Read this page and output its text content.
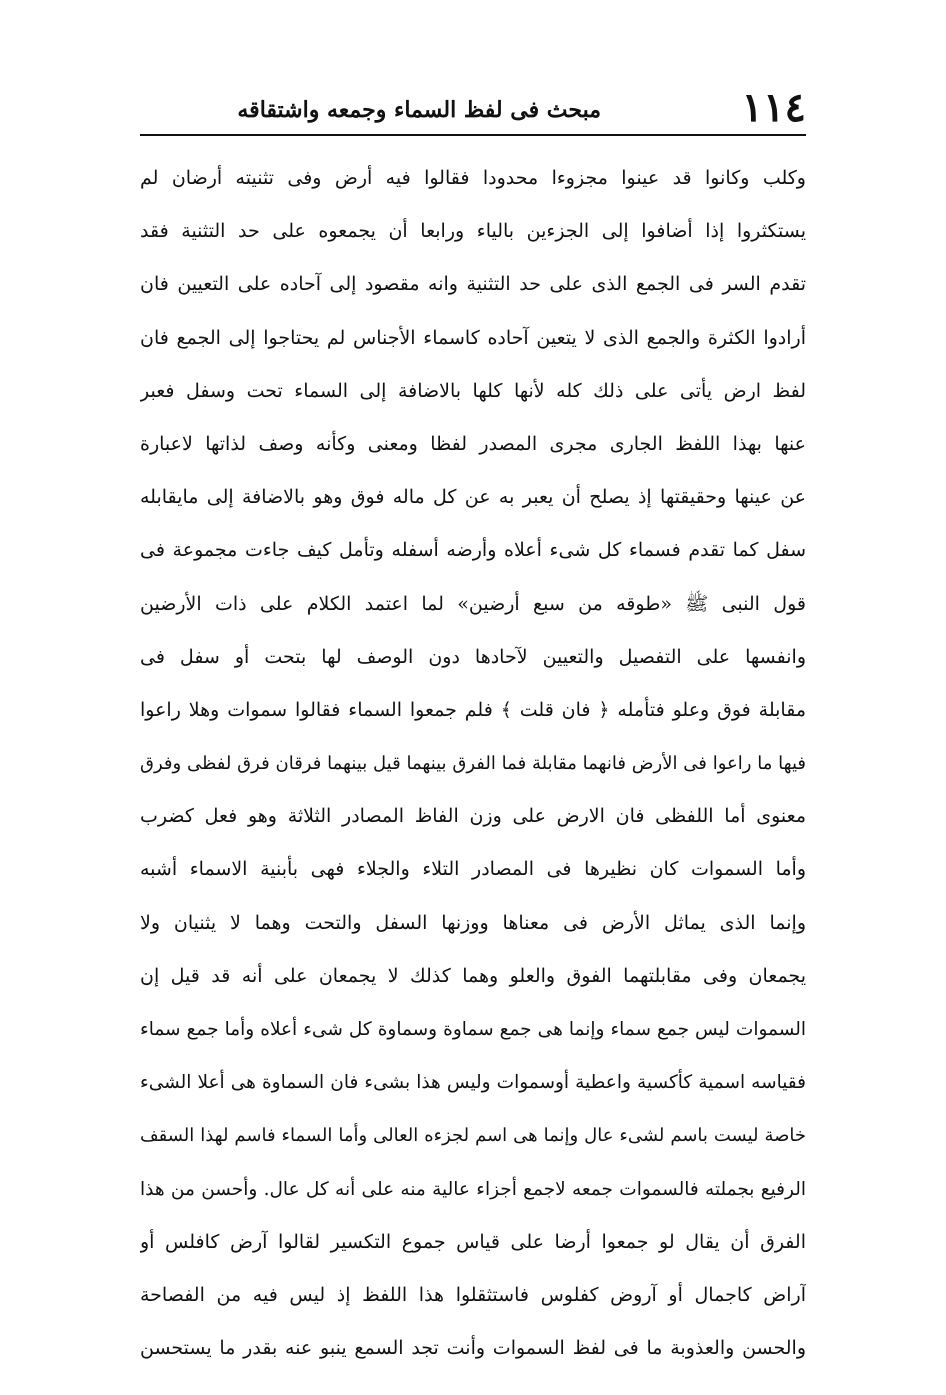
١١٤
مبحث فى لفظ السماء وجمعه واشتقاقه
وكلب وكانوا قد عينوا مجزوءا محدودا فقالوا فيه أرض وفى تثنيته أرضان لم
يستكثروا إذا أضافوا إلى الجزءين بالياء ورابعا أن يجمعوه على حد التثنية فقد
تقدم السر فى الجمع الذى على حد التثنية وانه مقصود إلى آحاده على التعيين فان
أرادوا الكثرة والجمع الذى لا يتعين آحاده كاسماء الأجناس لم يحتاجوا إلى الجمع فان
لفظ ارض يأتى على ذلك كله لأنها كلها بالاضافة إلى السماء تحت وسفل فعبر
عنها بهذا اللفظ الجارى مجرى المصدر لفظا ومعنى وكأنه وصف لذاتها لاعبارة
عن عينها وحقيقتها إذ يصلح أن يعبر به عن كل ماله فوق وهو بالاضافة إلى مايقابله
سفل كما تقدم فسماء كل شىء أعلاه وأرضه أسفله وتأمل كيف جاءت مجموعة فى
قول النبى ﷺ «طوقه من سبع أرضين» لما اعتمد الكلام على ذات الأرضين
وانفسها على التفصيل والتعيين لآحادها دون الوصف لها بتحت أو سفل فى
مقابلة فوق وعلو فتأمله ﴿ فان قلت ﴾ فلم جمعوا السماء فقالوا سموات وهلا راعوا
فيها ما راعوا فى الأرض فانهما مقابلة فما الفرق بينهما قيل بينهما فرقان فرق لفظى وفرق
معنوى أما اللفظى فان الارض على وزن الفاظ المصادر الثلاثة وهو فعل كضرب
وأما السموات كان نظيرها فى المصادر التلاء والجلاء فهى بأبنية الاسماء أشبه
وإنما الذى يماثل الأرض فى معناها ووزنها السفل والتحت وهما لا يثنيان ولا
يجمعان وفى مقابلتهما الفوق والعلو وهما كذلك لا يجمعان على أنه قد قيل إن
السموات ليس جمع سماء وإنما هى جمع سماوة وسماوة كل شىء أعلاه وأما جمع سماء
فقياسه اسمية كأكسية واعطية أوسموات وليس هذا بشىء فان السماوة هى أعلا الشىء
خاصة ليست باسم لشىء عال وإنما هى اسم لجزءه العالى وأما السماء فاسم لهذا السقف
الرفيع بجملته فالسموات جمعه لاجمع أجزاء عالية منه على أنه كل عال. وأحسن من هذا
الفرق أن يقال لو جمعوا أرضا على قياس جموع التكسير لقالوا آرض كافلس أو
آراض كاجمال أو آروض كفلوس فاستثقلوا هذا اللفظ إذ ليس فيه من الفصاحة
والحسن والعذوبة ما فى لفظ السموات وأنت تجد السمع ينبو عنه بقدر ما يستحسن
